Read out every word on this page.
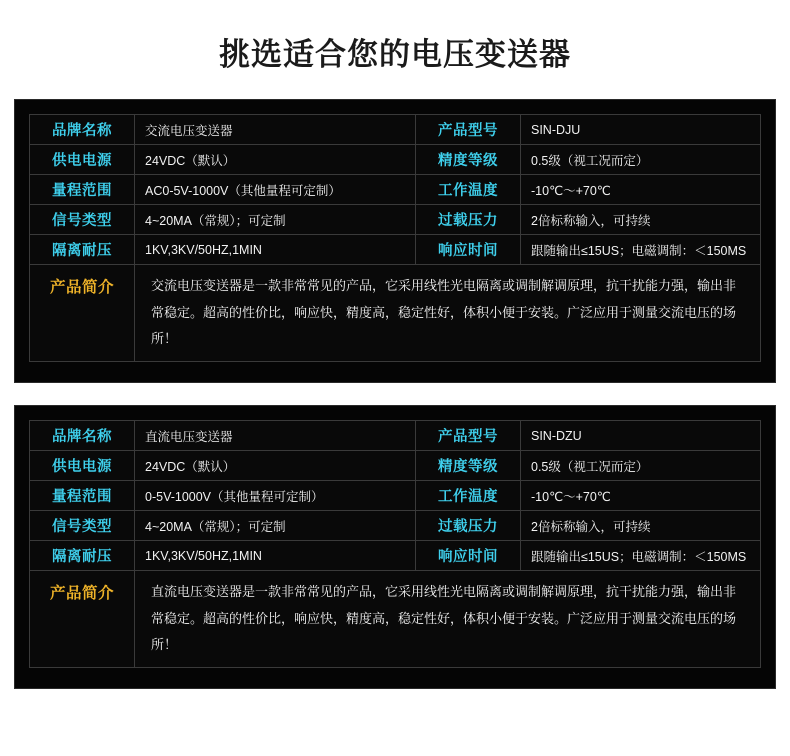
挑选适合您的电压变送器
品牌名称	交流电压变送器	产品型号	SIN-DJU
供电电源	24VDC（默认）	精度等级	0.5级（视工况而定）
量程范围	AC0-5V-1000V（其他量程可定制）	工作温度	-10℃～+70℃
信号类型	4~20MA（常规）；可定制	过载压力	2倍标称输入，可持续
隔离耐压	1KV,3KV/50HZ,1MIN	响应时间	跟随输出≤15US；电磁调制：＜150MS
产品简介	交流电压变送器是一款非常常见的产品，它采用线性光电隔离或调制解调原理，抗干扰能力强，输出非常稳定。超高的性价比，响应快，精度高，稳定性好，体积小便于安装。广泛应用于测量交流电压的场所！		
品牌名称	直流电压变送器	产品型号	SIN-DZU
供电电源	24VDC（默认）	精度等级	0.5级（视工况而定）
量程范围	0-5V-1000V（其他量程可定制）	工作温度	-10℃～+70℃
信号类型	4~20MA（常规）；可定制	过载压力	2倍标称输入，可持续
隔离耐压	1KV,3KV/50HZ,1MIN	响应时间	跟随输出≤15US；电磁调制：＜150MS
产品简介	直流电压变送器是一款非常常见的产品，它采用线性光电隔离或调制解调原理，抗干扰能力强，输出非常稳定。超高的性价比，响应快，精度高，稳定性好，体积小便于安装。广泛应用于测量交流电压的场所！		
